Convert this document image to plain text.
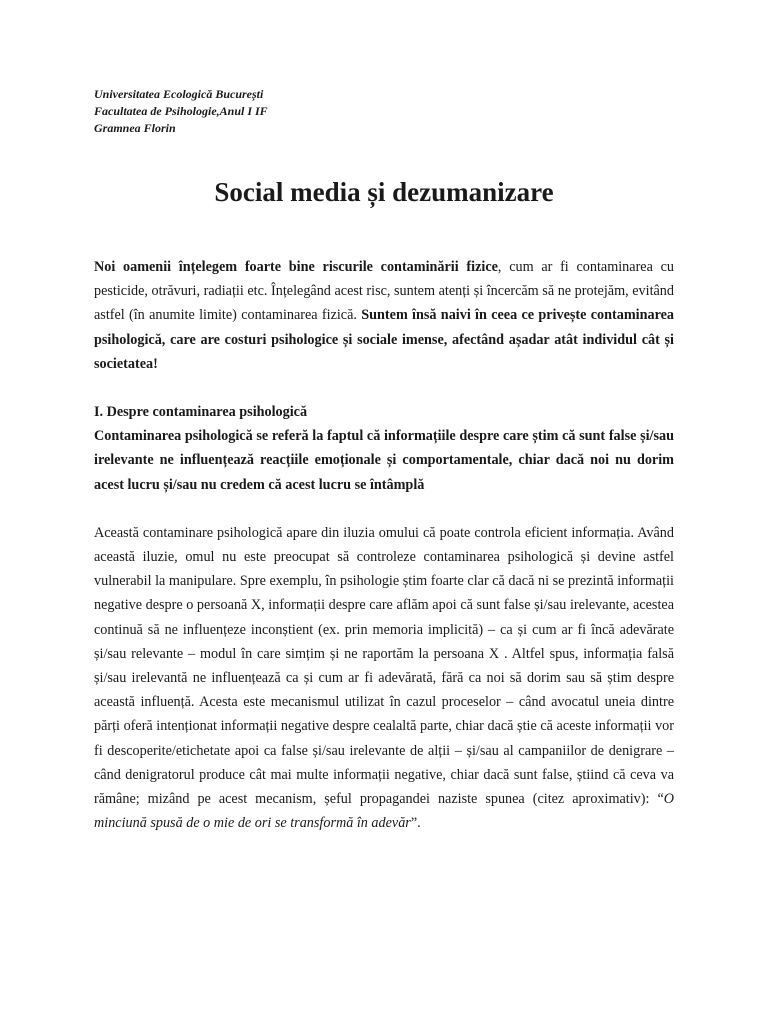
Universitatea Ecologică București
Facultatea de Psihologie,Anul I IF
Gramnea Florin
Social media și dezumanizare

Noi oamenii înțelegem foarte bine riscurile contaminării fizice, cum ar fi contaminarea cu pesticide, otrăvuri, radiații etc. Înțelegând acest risc, suntem atenți și încercăm să ne protejăm, evitând astfel (în anumite limite) contaminarea fizică. Suntem însă naivi în ceea ce privește contaminarea psihologică, care are costuri psihologice și sociale imense, afectând așadar atât individul cât și societatea!

I. Despre contaminarea psihologică

Contaminarea psihologică se referă la faptul că informațiile despre care știm că sunt false și/sau irelevante ne influențează reacțiile emoționale și comportamentale, chiar dacă noi nu dorim acest lucru și/sau nu credem că acest lucru se întâmplă

Această contaminare psihologică apare din iluzia omului că poate controla eficient informația. Având această iluzie, omul nu este preocupat să controleze contaminarea psihologică și devine astfel vulnerabil la manipulare. Spre exemplu, în psihologie știm foarte clar că dacă ni se prezintă informații negative despre o persoană X, informații despre care aflăm apoi că sunt false și/sau irelevante, acestea continuă să ne influențeze inconștient (ex. prin memoria implicită) – ca și cum ar fi încă adevărate și/sau relevante – modul în care simțim și ne raportăm la persoana X . Altfel spus, informația falsă și/sau irelevantă ne influențează ca și cum ar fi adevărată, fără ca noi să dorim sau să știm despre această influență. Acesta este mecanismul utilizat în cazul proceselor – când avocatul uneia dintre părți oferă intenționat informații negative despre cealaltă parte, chiar dacă știe că aceste informații vor fi descoperite/etichetate apoi ca false și/sau irelevante de alții – și/sau al campaniilor de denigrare – când denigratorul produce cât mai multe informații negative, chiar dacă sunt false, știind că ceva va rămâne; mizând pe acest mecanism, șeful propagandei naziste spunea (citez aproximativ): “O minciună spusă de o mie de ori se transformă în adevăr”.
